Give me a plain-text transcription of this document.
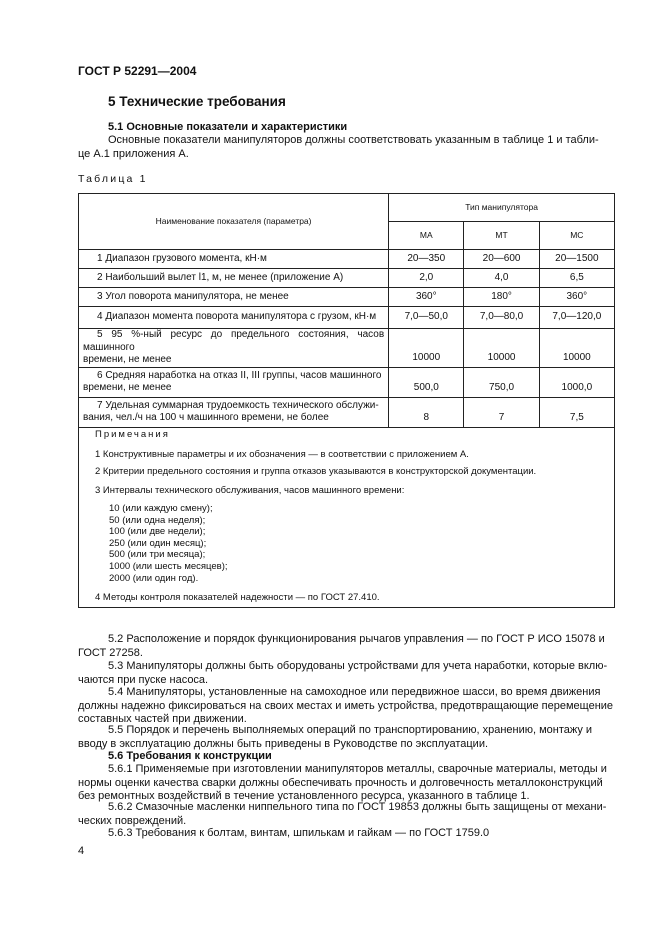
ГОСТ Р 52291—2004
5 Технические требования
5.1 Основные показатели и характеристики
Основные показатели манипуляторов должны соответствовать указанным в таблице 1 и табли-
це А.1 приложения А.
Таблица 1
Наименование показателя (параметра)	Тип манипулятора		
	МА	МТ	МС
1 Диапазон грузового момента, кН·м	20—350	20—600	20—1500
2 Наибольший вылет l1, м, не менее (приложение А)	2,0	4,0	6,5
3 Угол поворота манипулятора, не менее	360°	180°	360°
4 Диапазон момента поворота манипулятора с грузом, кН·м	7,0—50,0	7,0—80,0	7,0—120,0
5 95 %-ный ресурс до предельного состояния, часов машинного
времени, не менее	10000	10000	10000
6 Средняя наработка на отказ II, III группы, часов машинного
времени, не менее	500,0	750,0	1000,0
7 Удельная суммарная трудоемкость технического обслужи-
вания, чел./ч на 100 ч машинного времени, не более	8	7	7,5
Примечания
1 Конструктивные параметры и их обозначения — в соответствии с приложением А.
2 Критерии предельного состояния и группа отказов указываются в конструкторской документации.
3 Интервалы технического обслуживания, часов машинного времени:
10 (или каждую смену);
50 (или одна неделя);
100 (или две недели);
250 (или один месяц);
500 (или три месяца);
1000 (или шесть месяцев);
2000 (или один год).
4 Методы контроля показателей надежности — по ГОСТ 27.410.
5.2 Расположение и порядок функционирования рычагов управления — по ГОСТ Р ИСО 15078 и
ГОСТ 27258.
5.3 Манипуляторы должны быть оборудованы устройствами для учета наработки, которые вклю-
чаются при пуске насоса.
5.4 Манипуляторы, установленные на самоходное или передвижное шасси, во время движения
должны надежно фиксироваться на своих местах и иметь устройства, предотвращающие перемещение
составных частей при движении.
5.5 Порядок и перечень выполняемых операций по транспортированию, хранению, монтажу и
вводу в эксплуатацию должны быть приведены в Руководстве по эксплуатации.
5.6 Требования к конструкции
5.6.1 Применяемые при изготовлении манипуляторов металлы, сварочные материалы, методы и
нормы оценки качества сварки должны обеспечивать прочность и долговечность металлоконструкций
без ремонтных воздействий в течение установленного ресурса, указанного в таблице 1.
5.6.2 Смазочные масленки ниппельного типа по ГОСТ 19853 должны быть защищены от механи-
ческих повреждений.
5.6.3 Требования к болтам, винтам, шпилькам и гайкам — по ГОСТ 1759.0
4
